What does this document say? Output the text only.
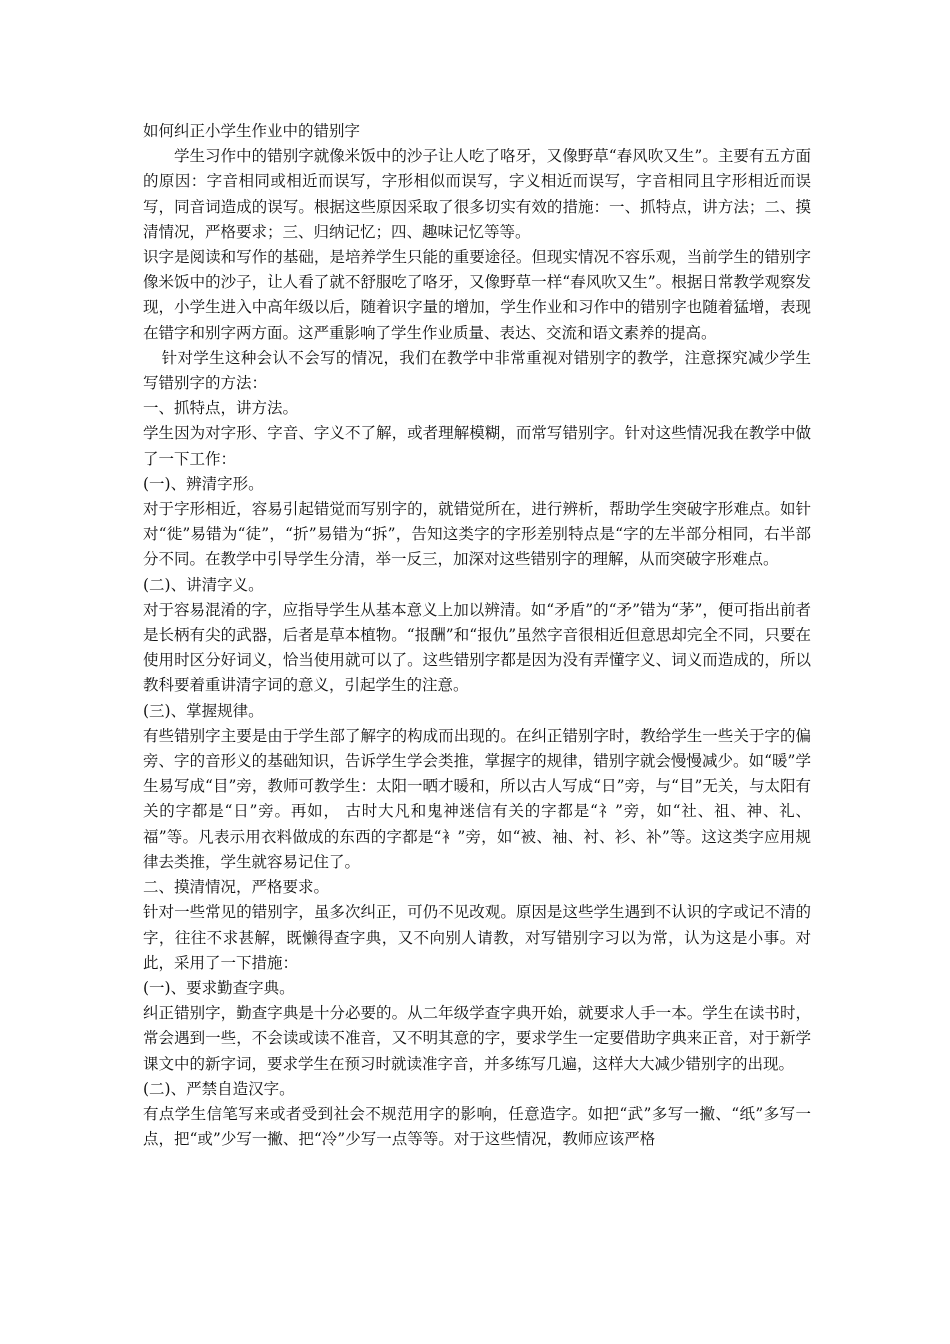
如何纠正小学生作业中的错别字

学生习作中的错别字就像米饭中的沙子让人吃了咯牙，又像野草“春风吹又生”。主要有五方面的原因：字音相同或相近而误写，字形相似而误写，字义相近而误写，字音相同且字形相近而误写，同音词造成的误写。根据这些原因采取了很多切实有效的措施：一、抓特点，讲方法；二、摸清情况，严格要求；三、归纳记忆；四、趣味记忆等等。

识字是阅读和写作的基础，是培养学生只能的重要途径。但现实情况不容乐观，当前学生的错别字像米饭中的沙子，让人看了就不舒服吃了咯牙，又像野草一样“春风吹又生”。根据日常教学观察发现，小学生进入中高年级以后，随着识字量的增加，学生作业和习作中的错别字也随着猛增，表现在错字和别字两方面。这严重影响了学生作业质量、表达、交流和语文素养的提高。

针对学生这种会认不会写的情况，我们在教学中非常重视对错别字的教学，注意探究减少学生写错别字的方法：

一、抓特点，讲方法。

学生因为对字形、字音、字义不了解，或者理解模糊，而常写错别字。针对这些情况我在教学中做了一下工作：

(一)、辨清字形。

对于字形相近，容易引起错觉而写别字的，就错觉所在，进行辨析，帮助学生突破字形难点。如针对“徙”易错为“徒”，“折”易错为“拆”，告知这类字的字形差别特点是“字的左半部分相同，右半部分不同。在教学中引导学生分清，举一反三，加深对这些错别字的理解，从而突破字形难点。

(二)、讲清字义。

对于容易混淆的字，应指导学生从基本意义上加以辨清。如“矛盾”的“矛”错为“茅”，便可指出前者是长柄有尖的武器，后者是草本植物。“报酬”和“报仇”虽然字音很相近但意思却完全不同，只要在使用时区分好词义，恰当使用就可以了。这些错别字都是因为没有弄懂字义、词义而造成的，所以教科要着重讲清字词的意义，引起学生的注意。

(三)、掌握规律。

有些错别字主要是由于学生部了解字的构成而出现的。在纠正错别字时，教给学生一些关于字的偏旁、字的音形义的基础知识，告诉学生学会类推，掌握字的规律，错别字就会慢慢减少。如“暖”学生易写成“目”旁，教师可教学生：太阳一晒才暖和，所以古人写成“日”旁，与“目”无关，与太阳有关的字都是“日”旁。再如， 古时大凡和鬼神迷信有关的字都是“礻”旁，如“社、祖、神、礼、福”等。凡表示用衣料做成的东西的字都是“衤”旁，如“被、袖、衬、衫、补”等。这这类字应用规律去类推，学生就容易记住了。

二、摸清情况，严格要求。

针对一些常见的错别字，虽多次纠正，可仍不见改观。原因是这些学生遇到不认识的字或记不清的字，往往不求甚解，既懒得查字典，又不向别人请教，对写错别字习以为常，认为这是小事。对此，采用了一下措施：

(一)、要求勤查字典。

纠正错别字，勤查字典是十分必要的。从二年级学查字典开始，就要求人手一本。学生在读书时，常会遇到一些，不会读或读不准音，又不明其意的字，要求学生一定要借助字典来正音，对于新学课文中的新字词，要求学生在预习时就读准字音，并多练写几遍，这样大大减少错别字的出现。

(二)、严禁自造汉字。

有点学生信笔写来或者受到社会不规范用字的影响，任意造字。如把“武”多写一撇、“纸”多写一点，把“或”少写一撇、把“冷”少写一点等等。对于这些情况，教师应该严格
